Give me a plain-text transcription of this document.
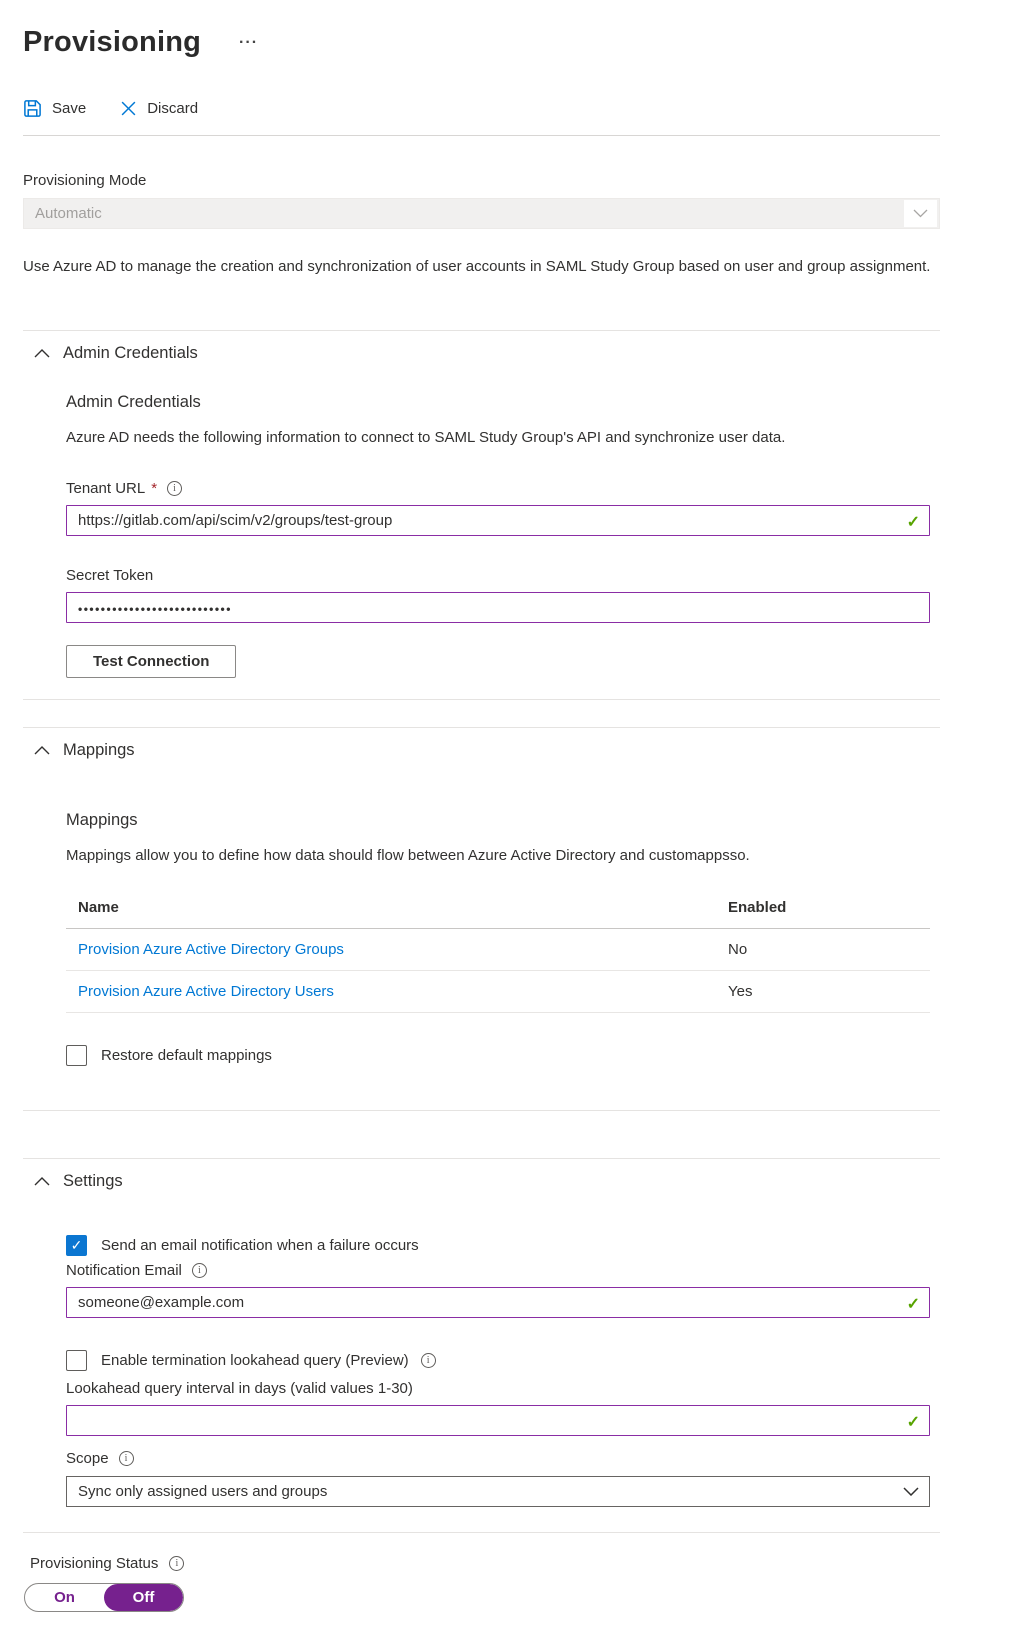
Provisioning ···
Save	Discard
Provisioning Mode
Automatic

Use Azure AD to manage the creation and synchronization of user accounts in SAML Study Group based on user and group assignment.

Admin Credentials
Admin Credentials
Azure AD needs the following information to connect to SAML Study Group's API and synchronize user data.
Tenant URL *
i
https://gitlab.com/api/scim/v2/groups/test-group
✓
Secret Token
•••••••••••••••••••••••••••
Test Connection
Mappings
Mappings
Mappings allow you to define how data should flow between Azure Active Directory and customappsso.
Name	Enabled
Provision Azure Active Directory Groups	No
Provision Azure Active Directory Users	Yes
Restore default mappings
Settings
✓
Send an email notification when a failure occurs
Notification Email
i
someone@example.com
✓
Enable termination lookahead query (Preview)
i
Lookahead query interval in days (valid values 1-30)
✓
Scope
i
Sync only assigned users and groups
Provisioning Status
i
On	Off
